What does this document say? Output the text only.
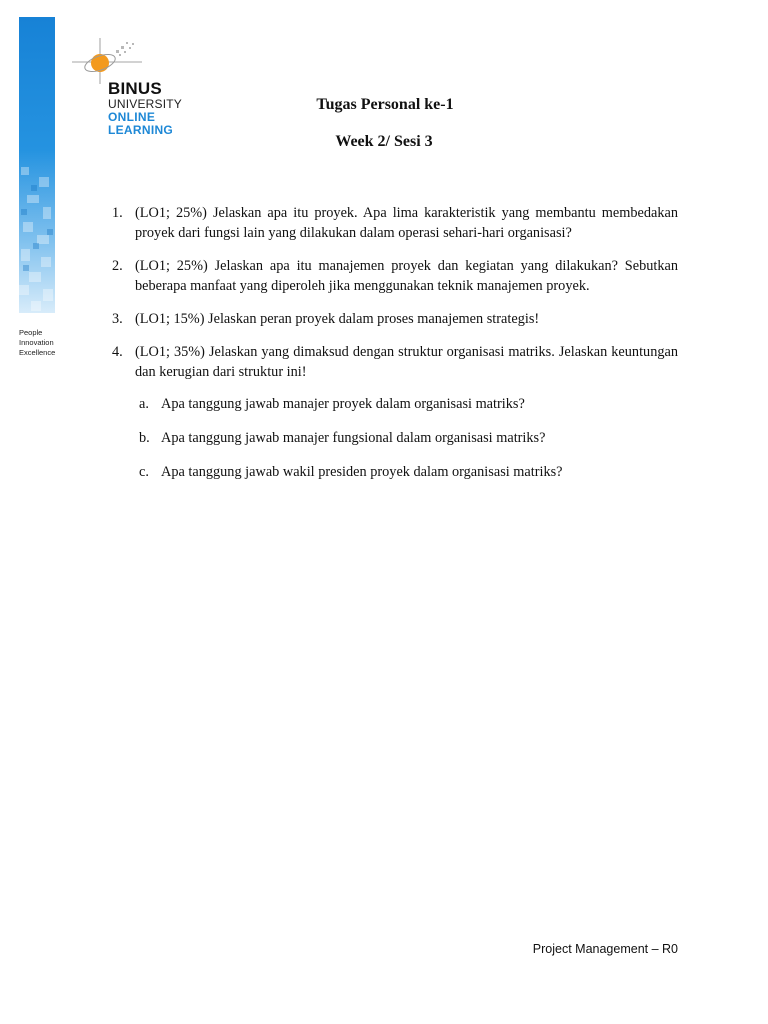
BINUS
UNIVERSITY
ONLINE
LEARNING
People
Innovation
Excellence
Tugas Personal ke-1
Week 2/ Sesi 3
1. (LO1; 25%) Jelaskan apa itu proyek. Apa lima karakteristik yang membantu membedakan proyek dari fungsi lain yang dilakukan dalam operasi sehari-hari organisasi?
2. (LO1; 25%) Jelaskan apa itu manajemen proyek dan kegiatan yang dilakukan? Sebutkan beberapa manfaat yang diperoleh jika menggunakan teknik manajemen proyek.
3. (LO1; 15%) Jelaskan peran proyek dalam proses manajemen strategis!
4. (LO1; 35%) Jelaskan yang dimaksud dengan struktur organisasi matriks. Jelaskan keuntungan dan kerugian dari struktur ini!
a. Apa tanggung jawab manajer proyek dalam organisasi matriks?
b. Apa tanggung jawab manajer fungsional dalam organisasi matriks?
c. Apa tanggung jawab wakil presiden proyek dalam organisasi matriks?
Project Management – R0
